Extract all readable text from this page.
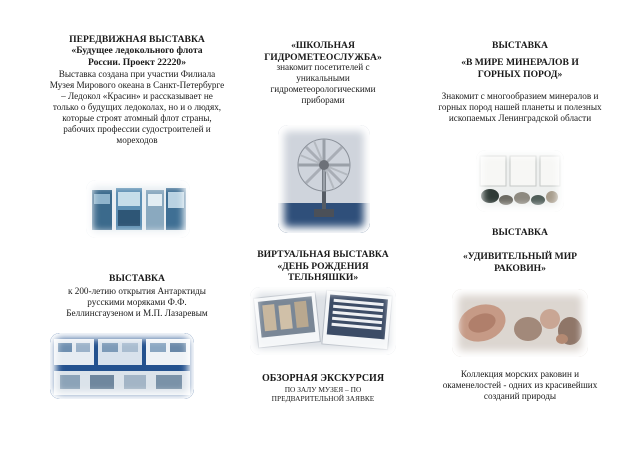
ПЕРЕДВИЖНАЯ ВЫСТАВКА

«Будущее ледокольного флота России. Проект 22220»

Выставка создана при участии Филиала Музея Мирового океана в Санкт-Петербурге – Ледокол «Красин» и рассказывает не только о будущих ледоколах, но и о людях, которые строят атомный флот страны, рабочих профессии судостроителей и мореходов

ВЫСТАВКА

к 200-летию открытия Антарктиды русскими моряками Ф.Ф. Беллинсгаузеном и М.П. Лазаревым

«ШКОЛЬНАЯ ГИДРОМЕТЕОСЛУЖБА»

знакомит посетителей с уникальными гидрометеорологическими приборами

ВИРТУАЛЬНАЯ ВЫСТАВКА «ДЕНЬ РОЖДЕНИЯ ТЕЛЬНЯШКИ»

ОБЗОРНАЯ ЭКСКУРСИЯ

ПО ЗАЛУ МУЗЕЯ – ПО ПРЕДВАРИТЕЛЬНОЙ ЗАЯВКЕ

ВЫСТАВКА

«В МИРЕ МИНЕРАЛОВ И ГОРНЫХ ПОРОД»

Знакомит с многообразием минералов и горных пород нашей планеты и полезных ископаемых Ленинградской области

ВЫСТАВКА

«УДИВИТЕЛЬНЫЙ МИР РАКОВИН»

Коллекция морских раковин и окаменелостей - одних из красивейших созданий природы
